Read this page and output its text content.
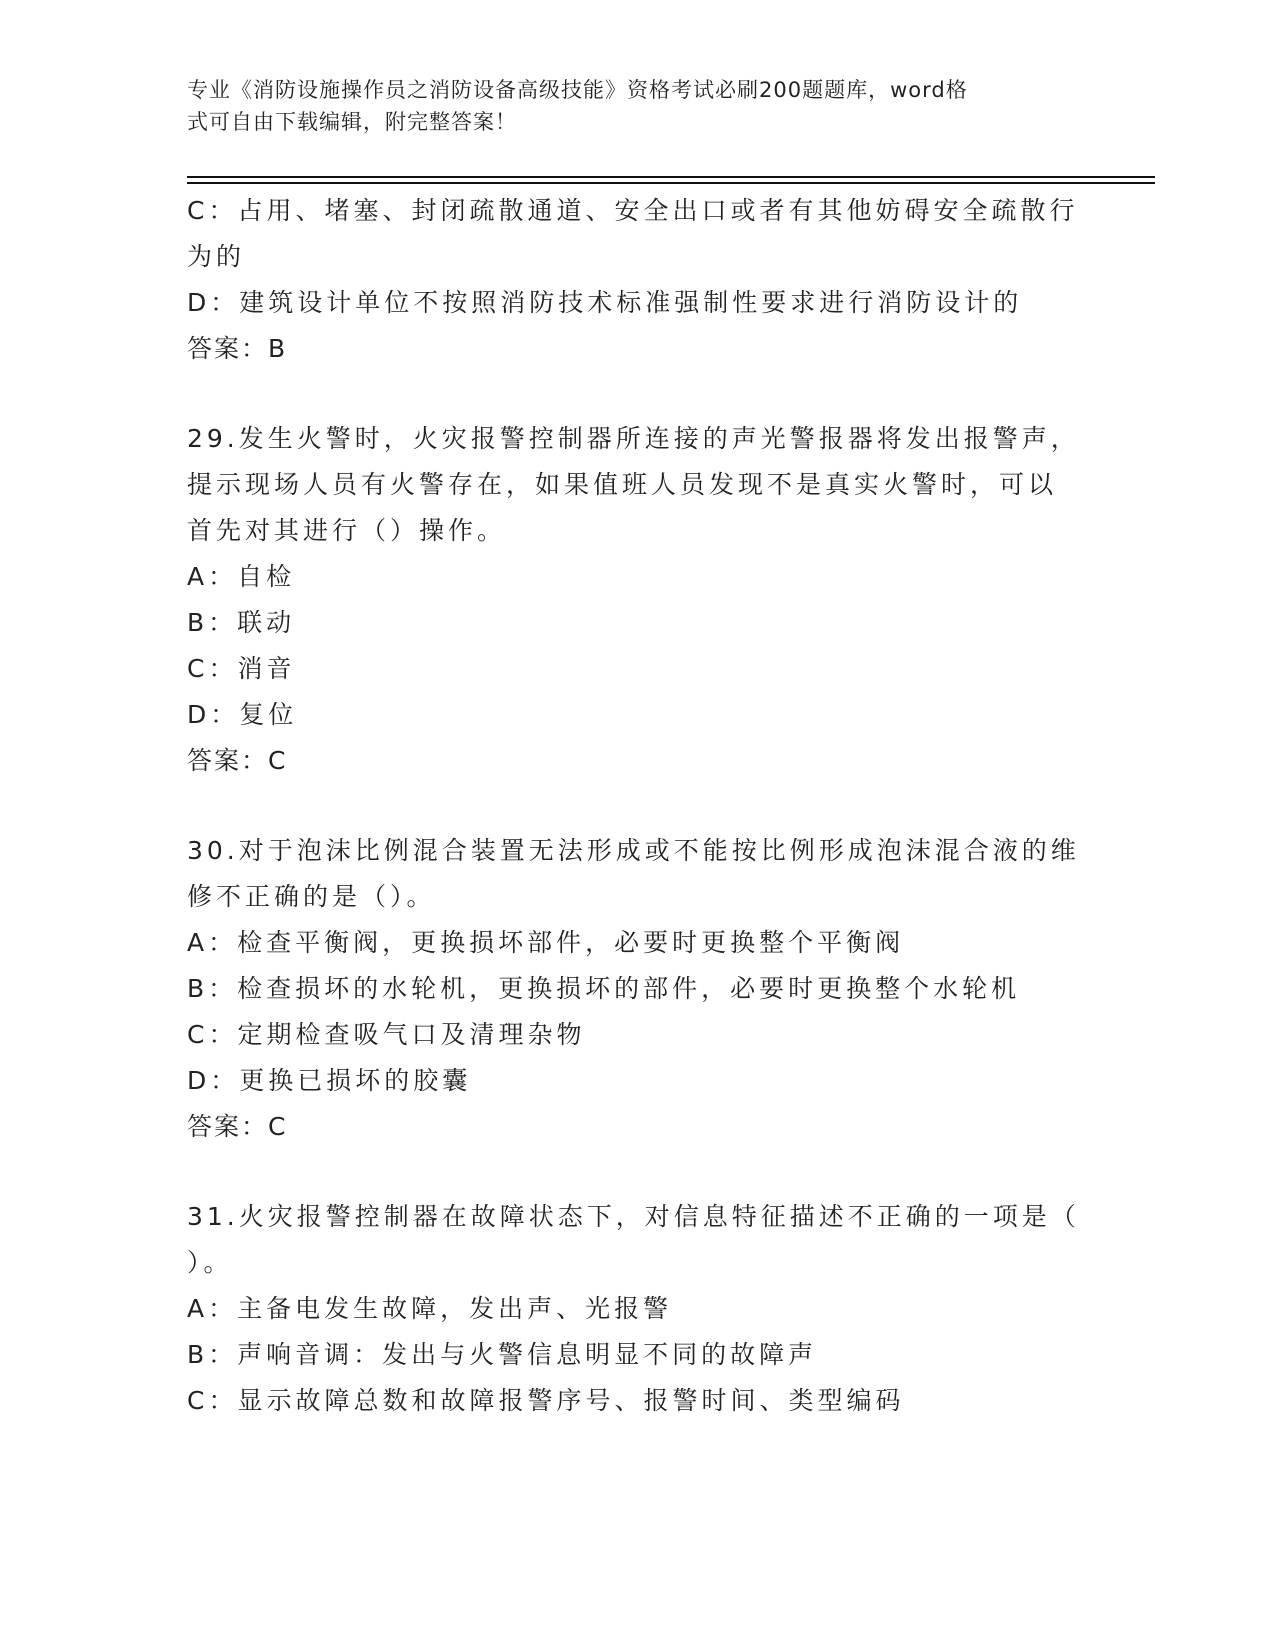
专业《消防设施操作员之消防设备高级技能》资格考试必刷200题题库，word格
式可自由下载编辑，附完整答案！
C：占用、堵塞、封闭疏散通道、安全出口或者有其他妨碍安全疏散行
为的
D：建筑设计单位不按照消防技术标准强制性要求进行消防设计的
答案：B
29.发生火警时，火灾报警控制器所连接的声光警报器将发出报警声，
提示现场人员有火警存在，如果值班人员发现不是真实火警时，可以
首先对其进行（）操作。
A：自检
B：联动
C：消音
D：复位
答案：C
30.对于泡沫比例混合装置无法形成或不能按比例形成泡沫混合液的维
修不正确的是（）。
A：检查平衡阀，更换损坏部件，必要时更换整个平衡阀
B：检查损坏的水轮机，更换损坏的部件，必要时更换整个水轮机
C：定期检查吸气口及清理杂物
D：更换已损坏的胶囊
答案：C
31.火灾报警控制器在故障状态下，对信息特征描述不正确的一项是（
）。
A：主备电发生故障，发出声、光报警
B：声响音调：发出与火警信息明显不同的故障声
C：显示故障总数和故障报警序号、报警时间、类型编码
